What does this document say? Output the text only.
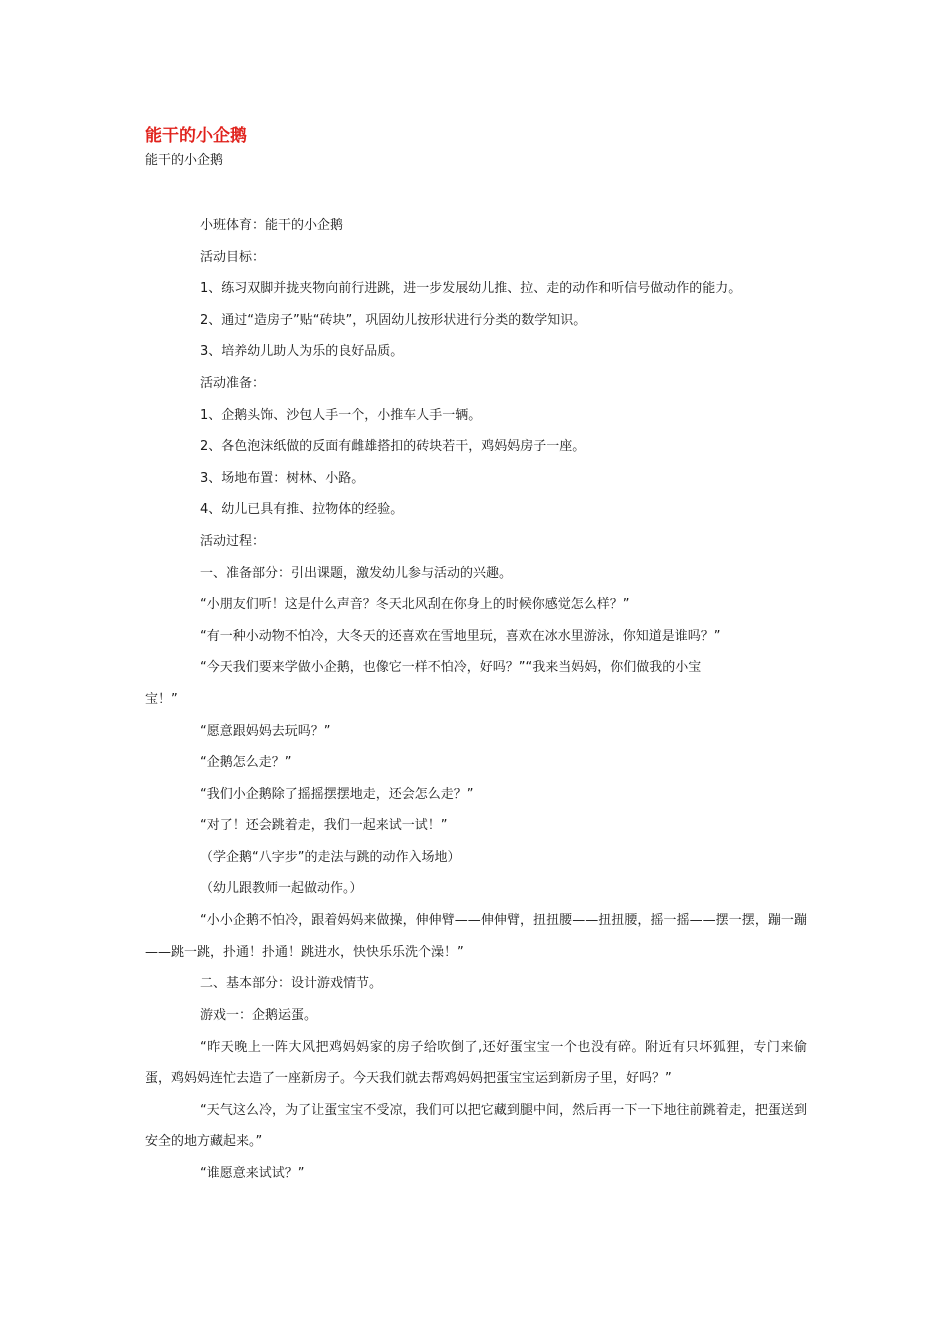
能干的小企鹅

能干的小企鹅

小班体育：能干的小企鹅

活动目标：

1、练习双脚并拢夹物向前行进跳，进一步发展幼儿推、拉、走的动作和听信号做动作的能力。

2、通过“造房子”贴“砖块”，巩固幼儿按形状进行分类的数学知识。

3、培养幼儿助人为乐的良好品质。

活动准备：

1、企鹅头饰、沙包人手一个，小推车人手一辆。

2、各色泡沫纸做的反面有雌雄搭扣的砖块若干，鸡妈妈房子一座。

3、场地布置：树林、小路。

4、幼儿已具有推、拉物体的经验。

活动过程：

一、准备部分：引出课题，激发幼儿参与活动的兴趣。

“小朋友们听！这是什么声音？冬天北风刮在你身上的时候你感觉怎么样？”

“有一种小动物不怕冷，大冬天的还喜欢在雪地里玩，喜欢在冰水里游泳，你知道是谁吗？”

“今天我们要来学做小企鹅，也像它一样不怕冷，好吗？”“我来当妈妈，你们做我的小宝

宝！”

“愿意跟妈妈去玩吗？”

“企鹅怎么走？”

“我们小企鹅除了摇摇摆摆地走，还会怎么走？”

“对了！还会跳着走，我们一起来试一试！”

（学企鹅“八字步”的走法与跳的动作入场地）

（幼儿跟教师一起做动作。）

“小小企鹅不怕冷，跟着妈妈来做操，伸伸臂——伸伸臂，扭扭腰——扭扭腰，摇一摇——摆一摆，蹦一蹦——跳一跳，扑通！扑通！跳进水，快快乐乐洗个澡！”

二、基本部分：设计游戏情节。

游戏一：企鹅运蛋。

“昨天晚上一阵大风把鸡妈妈家的房子给吹倒了,还好蛋宝宝一个也没有碎。附近有只坏狐狸，专门来偷蛋，鸡妈妈连忙去造了一座新房子。今天我们就去帮鸡妈妈把蛋宝宝运到新房子里，好吗？”

“天气这么冷，为了让蛋宝宝不受凉，我们可以把它藏到腿中间，然后再一下一下地往前跳着走，把蛋送到安全的地方藏起来。”

“谁愿意来试试？”
